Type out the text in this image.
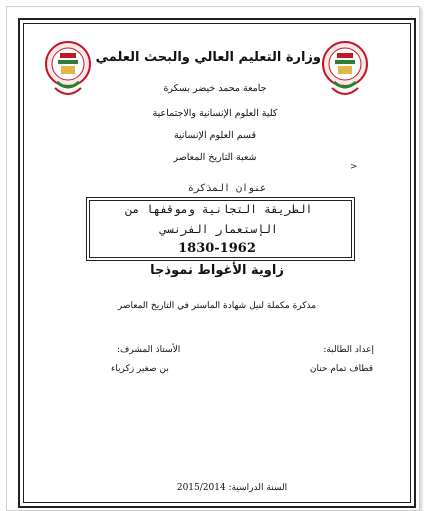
وزارة التعليم العالي والبحث العلمي
جامعة محمد خيضر بسكرة
كلية العلوم الإنسانية والاجتماعية
قسم العلوم الإنسانية
شعبة التاريخ المعاصر
>
عنوان المذكرة
الطريقة التجانية وموقفها من
الإستعمار الفرنسي
1830-1962
زاوية الأغواط نموذجا
مذكرة مكملة لنيل شهادة الماستر في التاريخ المعاصر
إعداد الطالبة:
قطاف تمام حنان
الأستاذ المشرف:
بن صغير زكرياء
السنة الدراسية: 2015/2014
